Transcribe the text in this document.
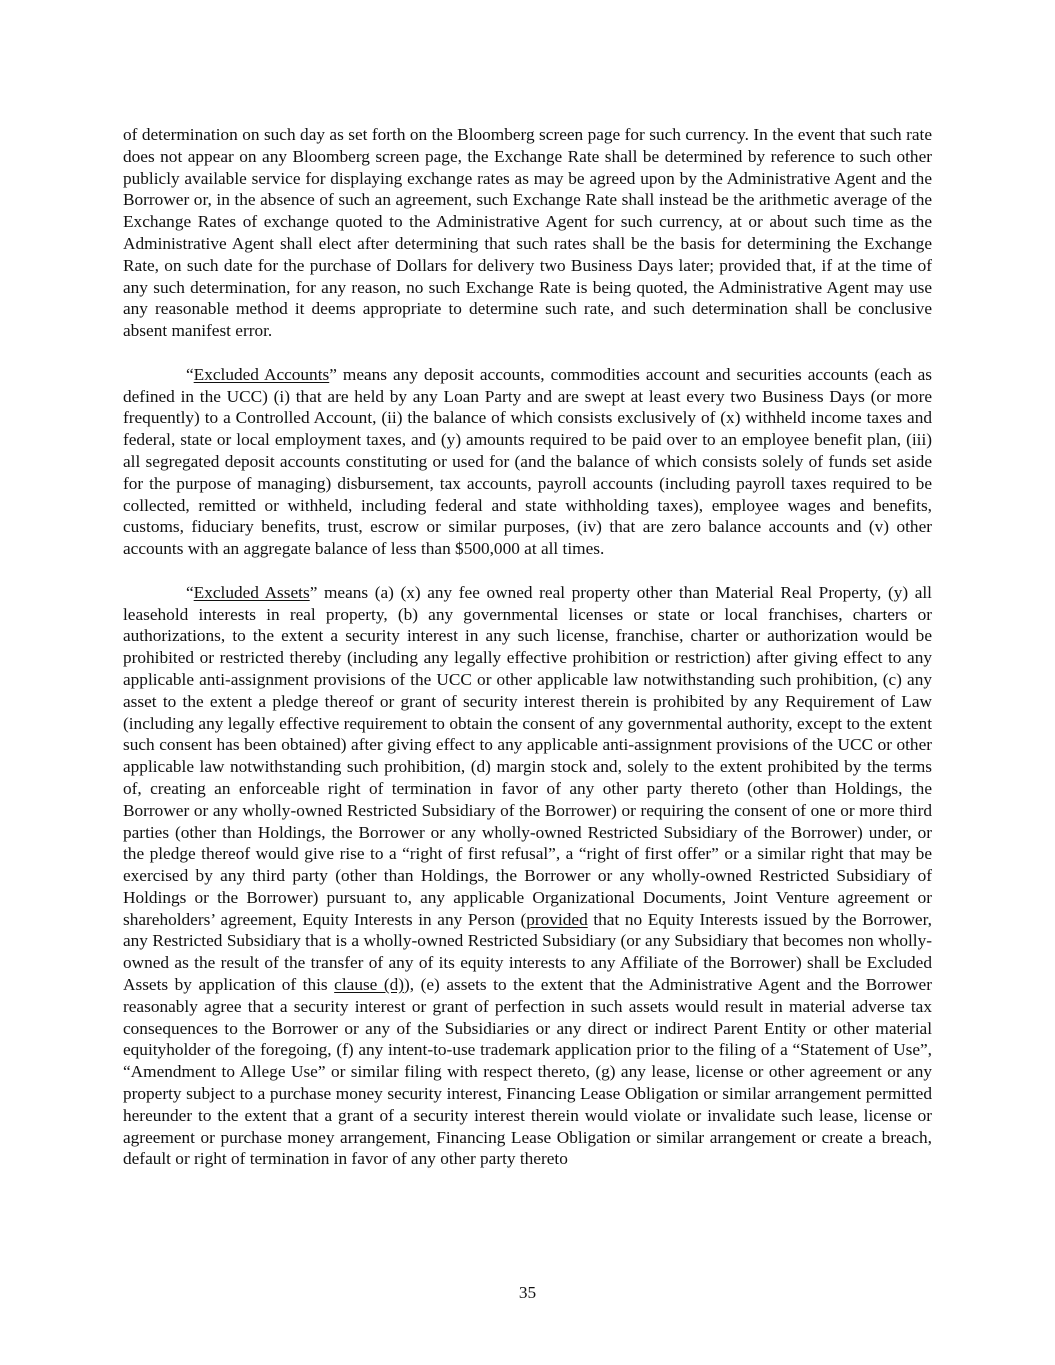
of determination on such day as set forth on the Bloomberg screen page for such currency. In the event that such rate does not appear on any Bloomberg screen page, the Exchange Rate shall be determined by reference to such other publicly available service for displaying exchange rates as may be agreed upon by the Administrative Agent and the Borrower or, in the absence of such an agreement, such Exchange Rate shall instead be the arithmetic average of the Exchange Rates of exchange quoted to the Administrative Agent for such currency, at or about such time as the Administrative Agent shall elect after determining that such rates shall be the basis for determining the Exchange Rate, on such date for the purchase of Dollars for delivery two Business Days later; provided that, if at the time of any such determination, for any reason, no such Exchange Rate is being quoted, the Administrative Agent may use any reasonable method it deems appropriate to determine such rate, and such determination shall be conclusive absent manifest error.

“Excluded Accounts” means any deposit accounts, commodities account and securities accounts (each as defined in the UCC) (i) that are held by any Loan Party and are swept at least every two Business Days (or more frequently) to a Controlled Account, (ii) the balance of which consists exclusively of (x) withheld income taxes and federal, state or local employment taxes, and (y) amounts required to be paid over to an employee benefit plan, (iii) all segregated deposit accounts constituting or used for (and the balance of which consists solely of funds set aside for the purpose of managing) disbursement, tax accounts, payroll accounts (including payroll taxes required to be collected, remitted or withheld, including federal and state withholding taxes), employee wages and benefits, customs, fiduciary benefits, trust, escrow or similar purposes, (iv) that are zero balance accounts and (v) other accounts with an aggregate balance of less than $500,000 at all times.

“Excluded Assets” means (a) (x) any fee owned real property other than Material Real Property, (y) all leasehold interests in real property, (b) any governmental licenses or state or local franchises, charters or authorizations, to the extent a security interest in any such license, franchise, charter or authorization would be prohibited or restricted thereby (including any legally effective prohibition or restriction) after giving effect to any applicable anti-assignment provisions of the UCC or other applicable law notwithstanding such prohibition, (c) any asset to the extent a pledge thereof or grant of security interest therein is prohibited by any Requirement of Law (including any legally effective requirement to obtain the consent of any governmental authority, except to the extent such consent has been obtained) after giving effect to any applicable anti-assignment provisions of the UCC or other applicable law notwithstanding such prohibition, (d) margin stock and, solely to the extent prohibited by the terms of, creating an enforceable right of termination in favor of any other party thereto (other than Holdings, the Borrower or any wholly-owned Restricted Subsidiary of the Borrower) or requiring the consent of one or more third parties (other than Holdings, the Borrower or any wholly-owned Restricted Subsidiary of the Borrower) under, or the pledge thereof would give rise to a “right of first refusal”, a “right of first offer” or a similar right that may be exercised by any third party (other than Holdings, the Borrower or any wholly-owned Restricted Subsidiary of Holdings or the Borrower) pursuant to, any applicable Organizational Documents, Joint Venture agreement or shareholders’ agreement, Equity Interests in any Person (provided that no Equity Interests issued by the Borrower, any Restricted Subsidiary that is a wholly-owned Restricted Subsidiary (or any Subsidiary that becomes non wholly-owned as the result of the transfer of any of its equity interests to any Affiliate of the Borrower) shall be Excluded Assets by application of this clause (d)), (e) assets to the extent that the Administrative Agent and the Borrower reasonably agree that a security interest or grant of perfection in such assets would result in material adverse tax consequences to the Borrower or any of the Subsidiaries or any direct or indirect Parent Entity or other material equityholder of the foregoing, (f) any intent-to-use trademark application prior to the filing of a “Statement of Use”, “Amendment to Allege Use” or similar filing with respect thereto, (g) any lease, license or other agreement or any property subject to a purchase money security interest, Financing Lease Obligation or similar arrangement permitted hereunder to the extent that a grant of a security interest therein would violate or invalidate such lease, license or agreement or purchase money arrangement, Financing Lease Obligation or similar arrangement or create a breach, default or right of termination in favor of any other party thereto

35
